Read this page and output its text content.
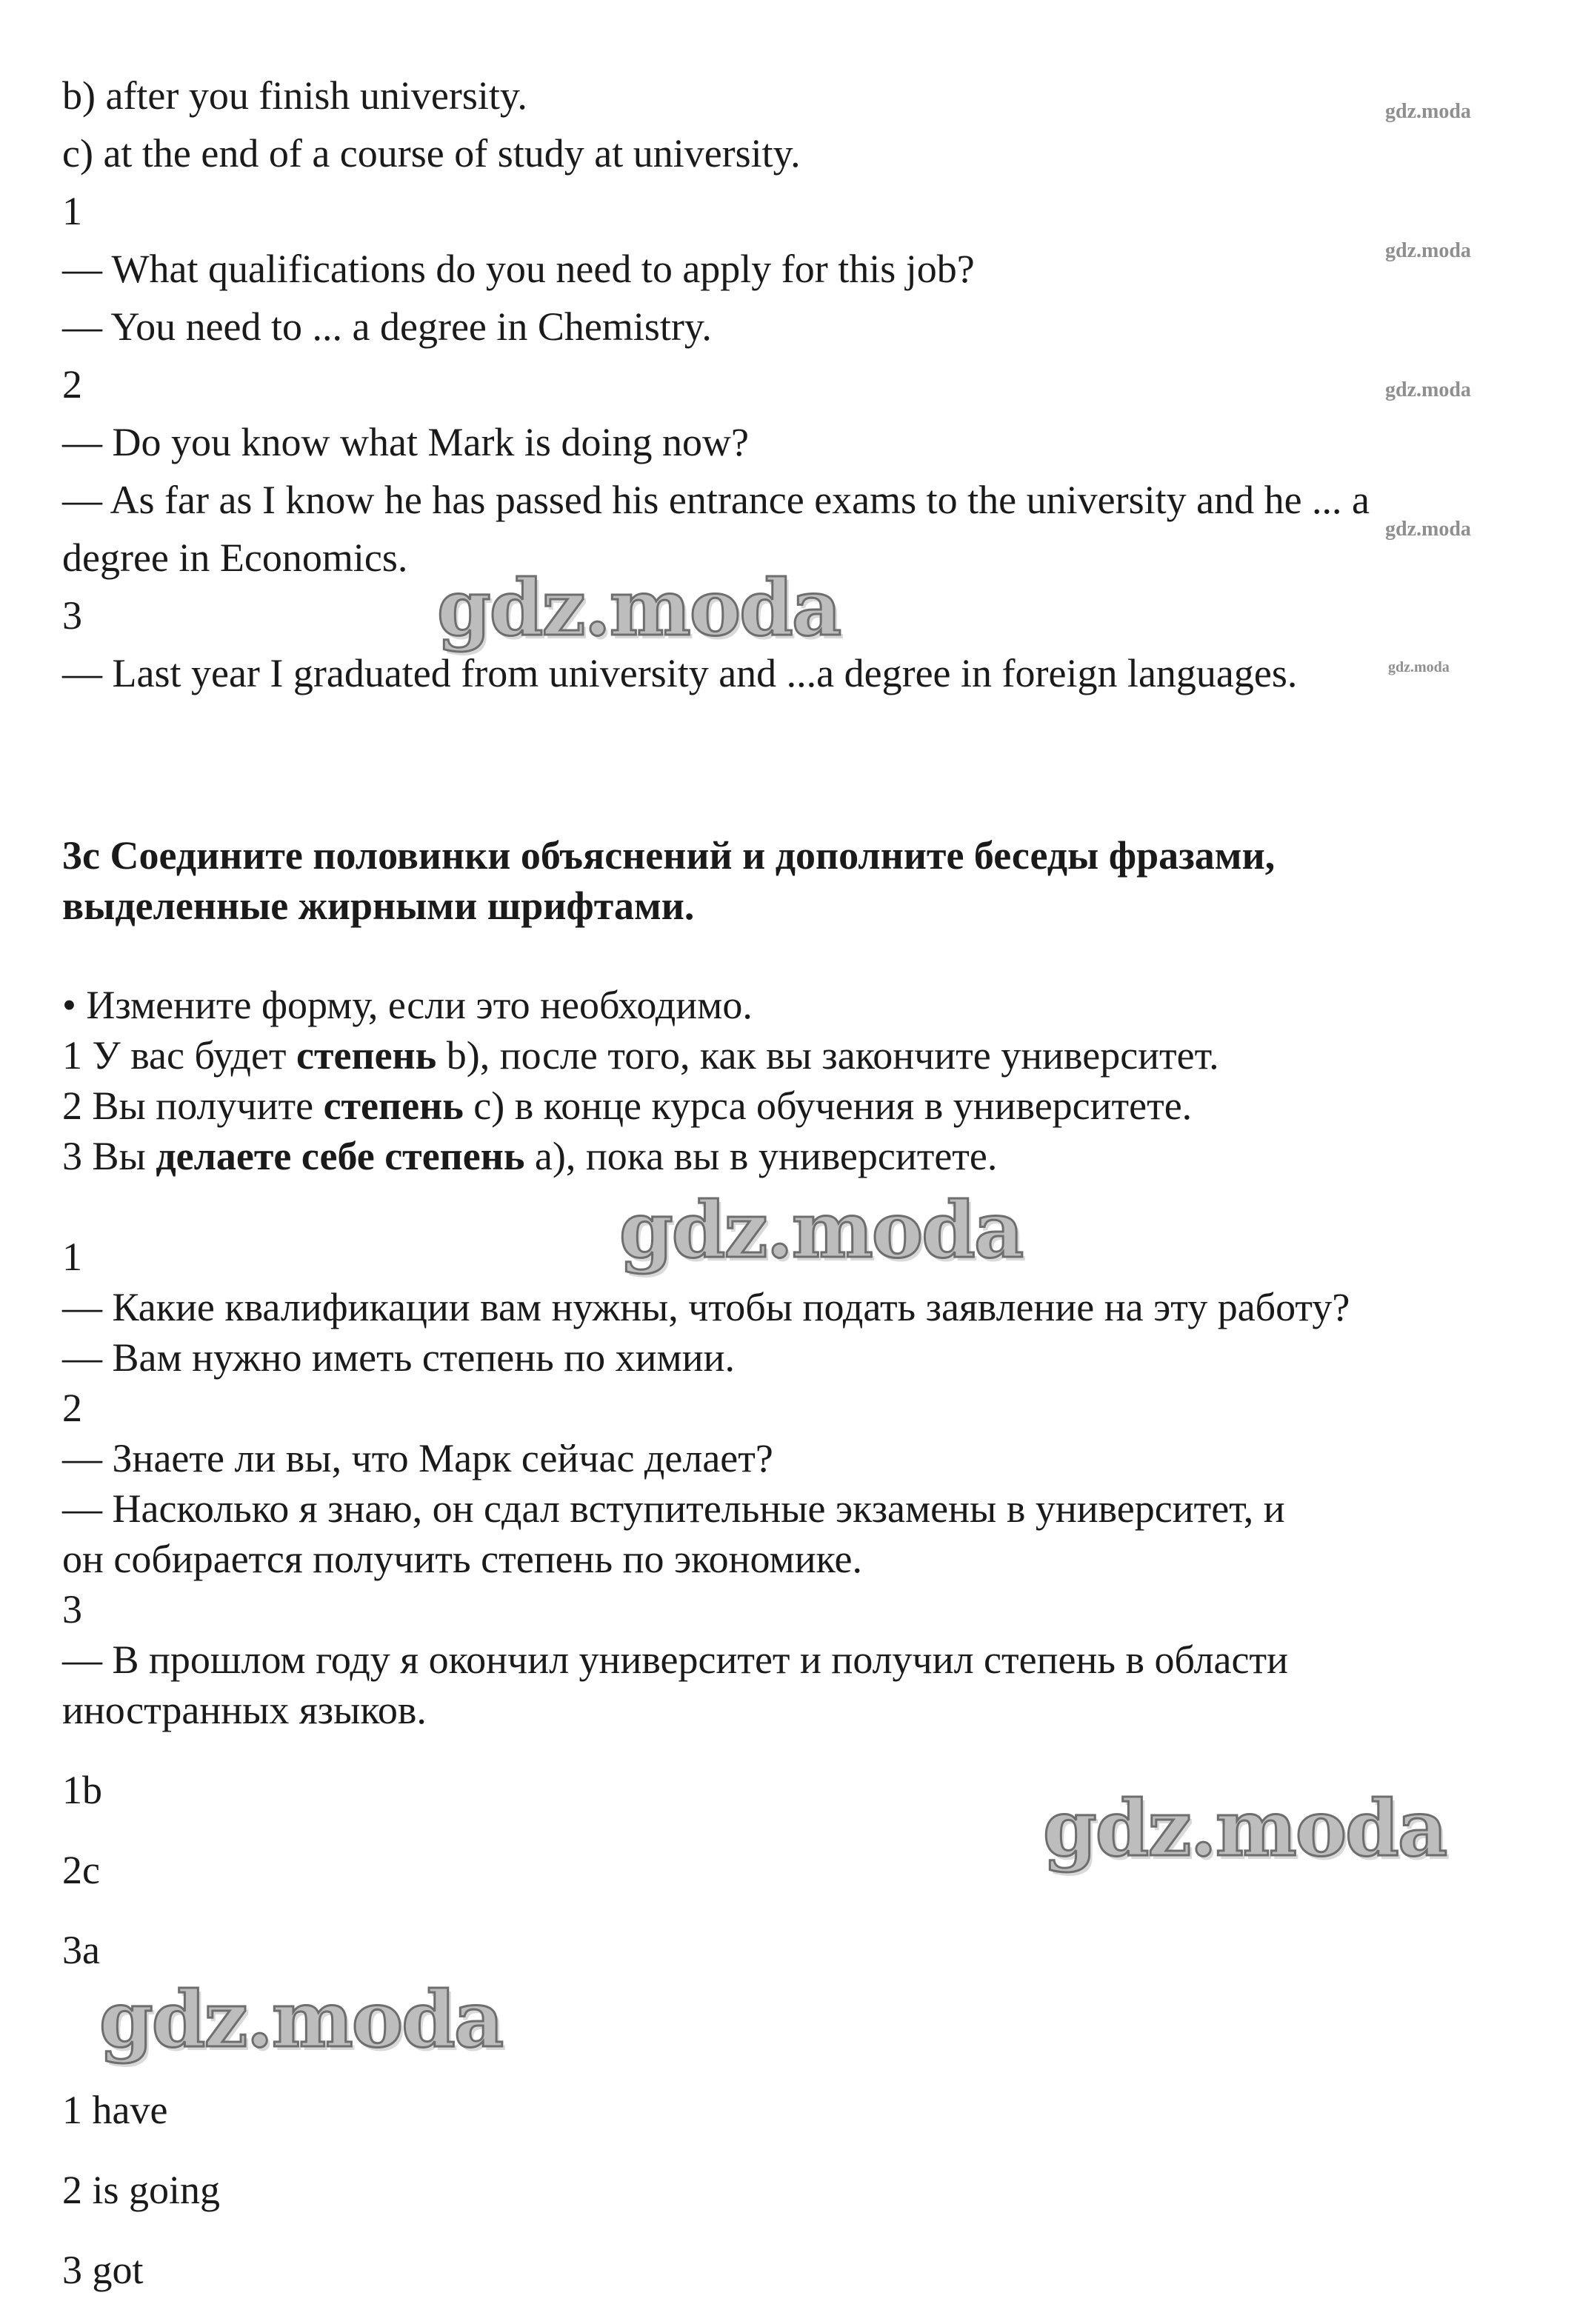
b) after you finish university.
c) at the end of a course of study at university.
1
— What qualifications do you need to apply for this job?
— You need to ... a degree in Chemistry.
2
— Do you know what Mark is doing now?
— As far as I know he has passed his entrance exams to the university and he ... a
degree in Economics.
3
— Last year I graduated from university and ...a degree in foreign languages.
3c Соедините половинки объяснений и дополните беседы фразами,
выделенные жирными шрифтами.
• Измените форму, если это необходимо.
1 У вас будет степень b), после того, как вы закончите университет.
2 Вы получите степень c) в конце курса обучения в университете.
3 Вы делаете себе степень a), пока вы в университете.
1
— Какие квалификации вам нужны, чтобы подать заявление на эту работу?
— Вам нужно иметь степень по химии.
2
— Знаете ли вы, что Марк сейчас делает?
— Насколько я знаю, он сдал вступительные экзамены в университет, и
он собирается получить степень по экономике.
3
— В прошлом году я окончил университет и получил степень в области
иностранных языков.
1b
2c
3a
1 have
2 is going
3 got
gdz.moda
gdz.moda
gdz.moda
gdz.moda
gdz.moda
gdz.moda
gdz.moda
gdz.moda
gdz.moda
